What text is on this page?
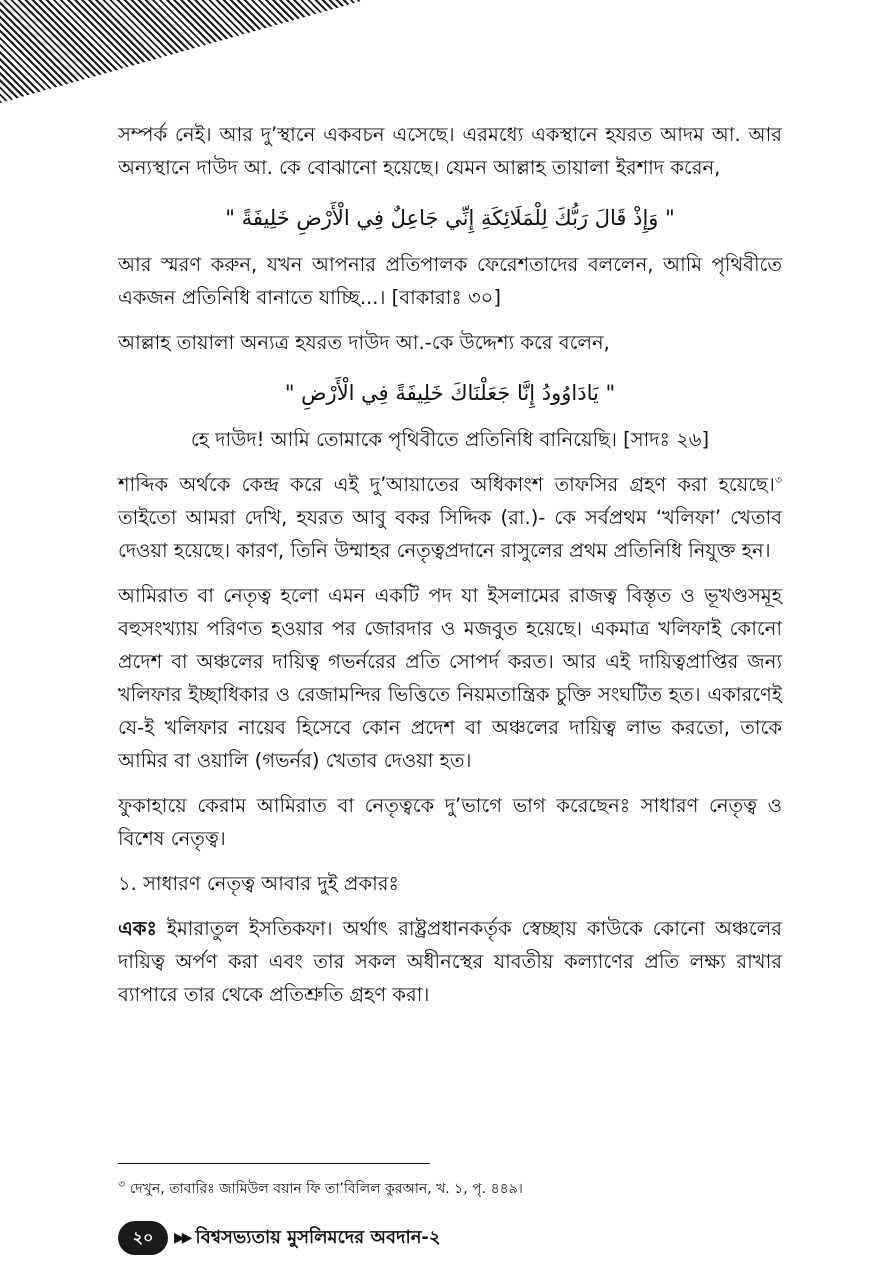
সম্পর্ক নেই। আর দু’স্থানে একবচন এসেছে। এরমধ্যে একস্থানে হযরত আদম আ. আর অন্যস্থানে দাউদ আ. কে বোঝানো হয়েছে। যেমন আল্লাহ তায়ালা ইরশাদ করেন,

" وَإِذْ قَالَ رَبُّكَ لِلْمَلَائِكَةِ إِنِّي جَاعِلٌ فِي الْأَرْضِ خَلِيفَةً "

আর স্মরণ করুন, যখন আপনার প্রতিপালক ফেরেশতাদের বললেন, আমি পৃথিবীতে একজন প্রতিনিধি বানাতে যাচ্ছি...। [বাকারাঃ ৩০]

আল্লাহ তায়ালা অন্যত্র হযরত দাউদ আ.-কে উদ্দেশ্য করে বলেন,

" يَادَاوُودُ إِنَّا جَعَلْنَاكَ خَلِيفَةً فِي الْأَرْضِ "

হে দাউদ! আমি তোমাকে পৃথিবীতে প্রতিনিধি বানিয়েছি। [সাদঃ ২৬]

শাব্দিক অর্থকে কেন্দ্র করে এই দু’আয়াতের অধিকাংশ তাফসির গ্রহণ করা হয়েছে।$^৩$ তাইতো আমরা দেখি, হযরত আবু বকর সিদ্দিক (রা.)- কে সর্বপ্রথম ‘খলিফা’ খেতাব দেওয়া হয়েছে। কারণ, তিনি উম্মাহর নেতৃত্বপ্রদানে রাসুলের প্রথম প্রতিনিধি নিযুক্ত হন।

আমিরাত বা নেতৃত্ব হলো এমন একটি পদ যা ইসলামের রাজত্ব বিস্তৃত ও ভূখণ্ডসমূহ বহুসংখ্যায় পরিণত হওয়ার পর জোরদার ও মজবুত হয়েছে। একমাত্র খলিফাই কোনো প্রদেশ বা অঞ্চলের দায়িত্ব গভর্নরের প্রতি সোপর্দ করত। আর এই দায়িত্বপ্রাপ্তির জন্য খলিফার ইচ্ছাধিকার ও রেজামন্দির ভিত্তিতে নিয়মতান্ত্রিক চুক্তি সংঘটিত হত। একারণেই যে-ই খলিফার নায়েব হিসেবে কোন প্রদেশ বা অঞ্চলের দায়িত্ব লাভ করতো, তাকে আমির বা ওয়ালি (গভর্নর) খেতাব দেওয়া হত।

ফুকাহায়ে কেরাম আমিরাত বা নেতৃত্বকে দু’ভাগে ভাগ করেছেনঃ সাধারণ নেতৃত্ব ও বিশেষ নেতৃত্ব।

১. সাধারণ নেতৃত্ব আবার দুই প্রকারঃ

একঃ ইমারাতুল ইসতিকফা। অর্থাৎ রাষ্ট্রপ্রধানকর্তৃক স্বেচ্ছায় কাউকে কোনো অঞ্চলের দায়িত্ব অর্পণ করা এবং তার সকল অধীনস্থের যাবতীয় কল্যাণের প্রতি লক্ষ্য রাখার ব্যাপারে তার থেকে প্রতিশ্রুতি গ্রহণ করা।

$^৩$ দেখুন, তাবারিঃ জামিউল বয়ান ফি তা’বিলিল কুরআন, খ. ১, পৃ. ৪৪৯।
২০	▶▶ বিশ্বসভ্যতায় মুসলিমদের অবদান-২
